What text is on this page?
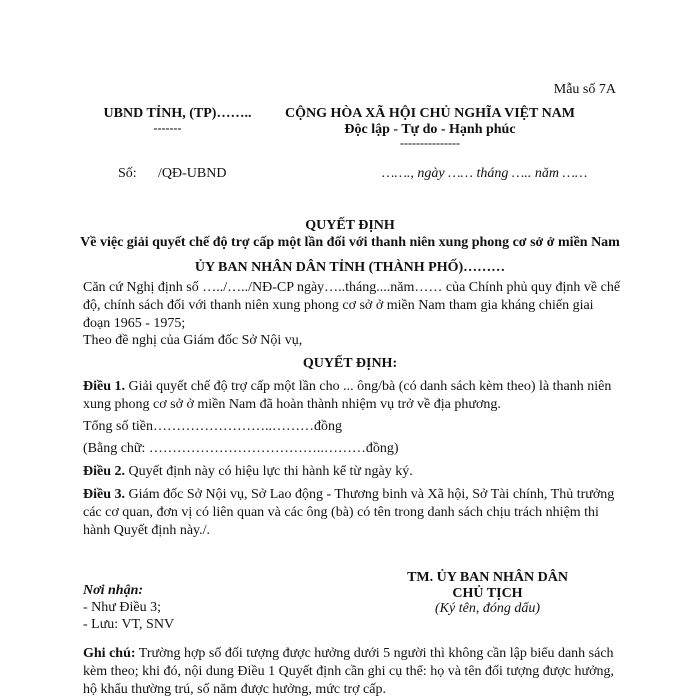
Mẫu số 7A
UBND TỈNH, (TP)……..
-------
CỘNG HÒA XÃ HỘI CHỦ NGHĨA VIỆT NAM
Độc lập - Tự do - Hạnh phúc
---------------
Số: /QĐ-UBND	……., ngày …… tháng ….. năm ……
QUYẾT ĐỊNH
Về việc giải quyết chế độ trợ cấp một lần đối với thanh niên xung phong cơ sở ở miền Nam
ỦY BAN NHÂN DÂN TỈNH (THÀNH PHỐ)………
Căn cứ Nghị định số …../…../NĐ-CP ngày…..tháng....năm…… của Chính phủ quy định về chế độ, chính sách đối với thanh niên xung phong cơ sở ở miền Nam tham gia kháng chiến giai đoạn 1965 - 1975;
Theo đề nghị của Giám đốc Sở Nội vụ,
QUYẾT ĐỊNH:
Điều 1. Giải quyết chế độ trợ cấp một lần cho ... ông/bà (có danh sách kèm theo) là thanh niên xung phong cơ sở ở miền Nam đã hoàn thành nhiệm vụ trở về địa phương.
Tổng số tiền……………………..………đồng
(Bằng chữ: ………………………………..………đồng)
Điều 2. Quyết định này có hiệu lực thi hành kể từ ngày ký.
Điều 3. Giám đốc Sở Nội vụ, Sở Lao động - Thương binh và Xã hội, Sở Tài chính, Thủ trưởng các cơ quan, đơn vị có liên quan và các ông (bà) có tên trong danh sách chịu trách nhiệm thi hành Quyết định này./.
TM. ỦY BAN NHÂN DÂN
CHỦ TỊCH
(Ký tên, đóng dấu)
Nơi nhận:
- Như Điều 3;
- Lưu: VT, SNV
Ghi chú: Trường hợp số đối tượng được hưởng dưới 5 người thì không cần lập biểu danh sách kèm theo; khi đó, nội dung Điều 1 Quyết định cần ghi cụ thể: họ và tên đối tượng được hưởng, hộ khẩu thường trú, số năm được hưởng, mức trợ cấp.
